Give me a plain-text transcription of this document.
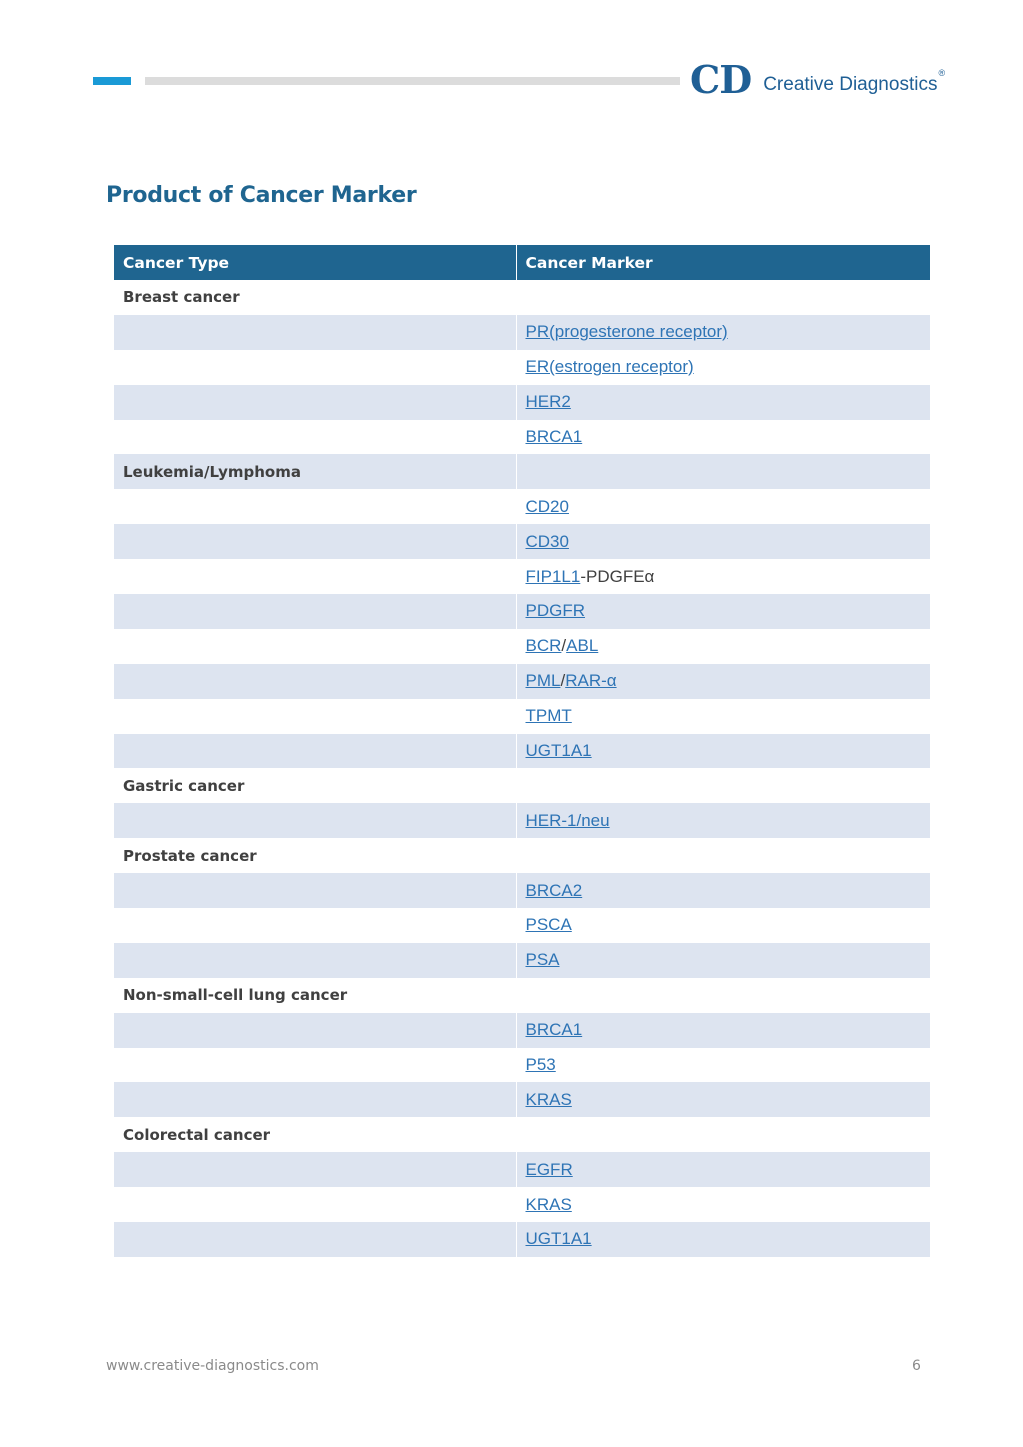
CD Creative Diagnostics
®
Product of Cancer Marker
Cancer Type	Cancer Marker
Breast cancer	
	PR(progesterone receptor)
	ER(estrogen receptor)
	HER2
	BRCA1
Leukemia/Lymphoma	
	CD20
	CD30
	FIP1L1-PDGFEα
	PDGFR
	BCR/ABL
	PML/RAR-α
	TPMT
	UGT1A1
Gastric cancer	
	HER-1/neu
Prostate cancer	
	BRCA2
	PSCA
	PSA
Non-small-cell lung cancer	
	BRCA1
	P53
	KRAS
Colorectal cancer	
	EGFR
	KRAS
	UGT1A1
www.creative-diagnostics.com	6
